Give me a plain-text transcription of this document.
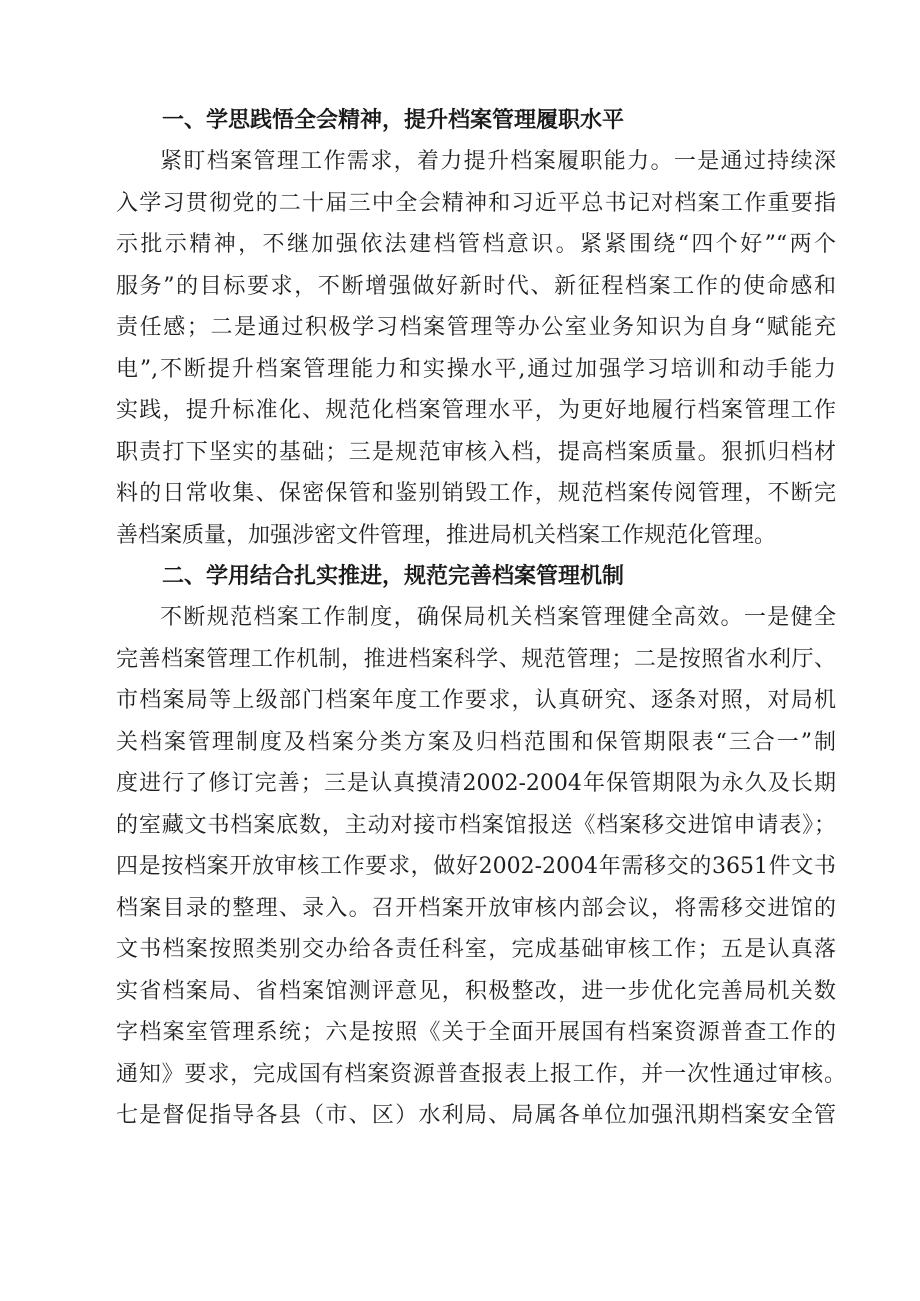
一、学思践悟全会精神，提升档案管理履职水平
紧盯档案管理工作需求，着力提升档案履职能力。一是通过持续深
入学习贯彻党的二十届三中全会精神和习近平总书记对档案工作重要指
示批示精神，不继加强依法建档管档意识。紧紧围绕“四个好”“两个
服务”的目标要求，不断增强做好新时代、新征程档案工作的使命感和
责任感；二是通过积极学习档案管理等办公室业务知识为自身“赋能充
电”,不断提升档案管理能力和实操水平,通过加强学习培训和动手能力
实践，提升标准化、规范化档案管理水平，为更好地履行档案管理工作
职责打下坚实的基础；三是规范审核入档，提高档案质量。狠抓归档材
料的日常收集、保密保管和鉴别销毁工作，规范档案传阅管理，不断完
善档案质量，加强涉密文件管理，推进局机关档案工作规范化管理。
二、学用结合扎实推进，规范完善档案管理机制
不断规范档案工作制度，确保局机关档案管理健全高效。一是健全
完善档案管理工作机制，推进档案科学、规范管理；二是按照省水利厅、
市档案局等上级部门档案年度工作要求，认真研究、逐条对照，对局机
关档案管理制度及档案分类方案及归档范围和保管期限表“三合一”制
度进行了修订完善；三是认真摸清2002-2004年保管期限为永久及长期
的室藏文书档案底数，主动对接市档案馆报送《档案移交进馆申请表》；
四是按档案开放审核工作要求，做好2002-2004年需移交的3651件文书
档案目录的整理、录入。召开档案开放审核内部会议，将需移交进馆的
文书档案按照类别交办给各责任科室，完成基础审核工作；五是认真落
实省档案局、省档案馆测评意见，积极整改，进一步优化完善局机关数
字档案室管理系统；六是按照《关于全面开展国有档案资源普查工作的
通知》要求，完成国有档案资源普查报表上报工作，并一次性通过审核。
七是督促指导各县（市、区）水利局、局属各单位加强汛期档案安全管
